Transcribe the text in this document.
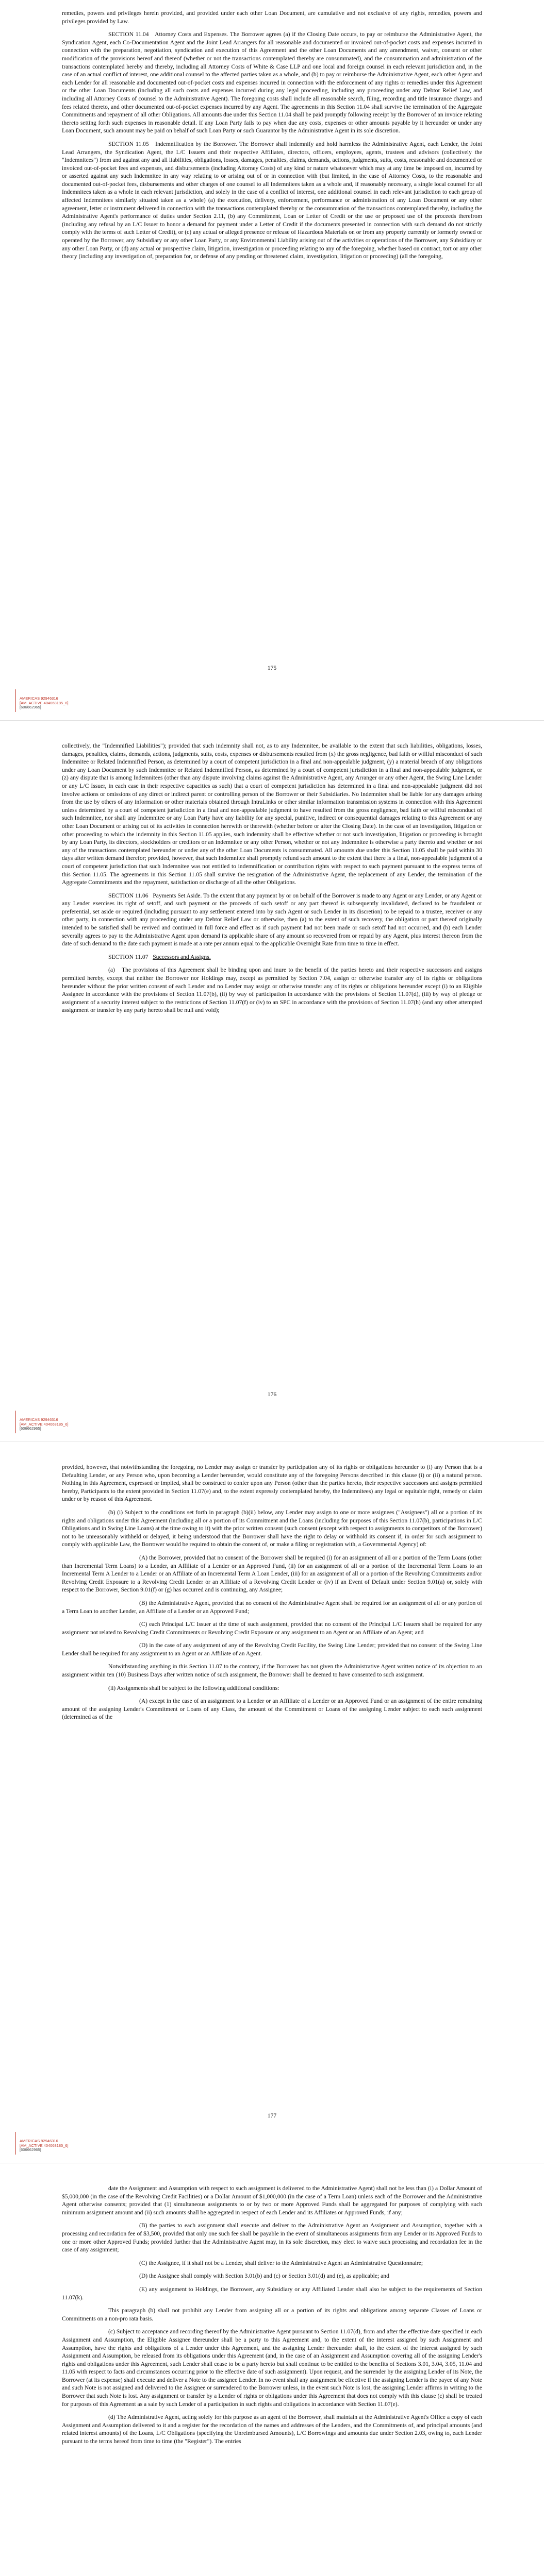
remedies, powers and privileges herein provided, and provided under each other Loan Document, are cumulative and not exclusive of any rights, remedies, powers and privileges provided by Law.

SECTION 11.04 Attorney Costs and Expenses. The Borrower agrees (a) if the Closing Date occurs, to pay or reimburse the Administrative Agent, the Syndication Agent, each Co-Documentation Agent and the Joint Lead Arrangers for all reasonable and documented or invoiced out-of-pocket costs and expenses incurred in connection with the preparation, negotiation, syndication and execution of this Agreement and the other Loan Documents and any amendment, waiver, consent or other modification of the provisions hereof and thereof (whether or not the transactions contemplated thereby are consummated), and the consummation and administration of the transactions contemplated hereby and thereby, including all Attorney Costs of White & Case LLP and one local and foreign counsel in each relevant jurisdiction and, in the case of an actual conflict of interest, one additional counsel to the affected parties taken as a whole, and (b) to pay or reimburse the Administrative Agent, each other Agent and each Lender for all reasonable and documented out-of-pocket costs and expenses incurred in connection with the enforcement of any rights or remedies under this Agreement or the other Loan Documents (including all such costs and expenses incurred during any legal proceeding, including any proceeding under any Debtor Relief Law, and including all Attorney Costs of counsel to the Administrative Agent). The foregoing costs shall include all reasonable search, filing, recording and title insurance charges and fees related thereto, and other documented out-of-pocket expenses incurred by any Agent. The agreements in this Section 11.04 shall survive the termination of the Aggregate Commitments and repayment of all other Obligations. All amounts due under this Section 11.04 shall be paid promptly following receipt by the Borrower of an invoice relating thereto setting forth such expenses in reasonable detail. If any Loan Party fails to pay when due any costs, expenses or other amounts payable by it hereunder or under any Loan Document, such amount may be paid on behalf of such Loan Party or such Guarantor by the Administrative Agent in its sole discretion.

SECTION 11.05 Indemnification by the Borrower. The Borrower shall indemnify and hold harmless the Administrative Agent, each Lender, the Joint Lead Arrangers, the Syndication Agent, the L/C Issuers and their respective Affiliates, directors, officers, employees, agents, trustees and advisors (collectively the "Indemnitees") from and against any and all liabilities, obligations, losses, damages, penalties, claims, demands, actions, judgments, suits, costs, reasonable and documented or invoiced out-of-pocket fees and expenses, and disbursements (including Attorney Costs) of any kind or nature whatsoever which may at any time be imposed on, incurred by or asserted against any such Indemnitee in any way relating to or arising out of or in connection with (but limited, in the case of Attorney Costs, to the reasonable and documented out-of-pocket fees, disbursements and other charges of one counsel to all Indemnitees taken as a whole and, if reasonably necessary, a single local counsel for all Indemnitees taken as a whole in each relevant jurisdiction, and solely in the case of a conflict of interest, one additional counsel in each relevant jurisdiction to each group of affected Indemnitees similarly situated taken as a whole) (a) the execution, delivery, enforcement, performance or administration of any Loan Document or any other agreement, letter or instrument delivered in connection with the transactions contemplated thereby or the consummation of the transactions contemplated thereby, including the Administrative Agent's performance of duties under Section 2.11, (b) any Commitment, Loan or Letter of Credit or the use or proposed use of the proceeds therefrom (including any refusal by an L/C Issuer to honor a demand for payment under a Letter of Credit if the documents presented in connection with such demand do not strictly comply with the terms of such Letter of Credit), or (c) any actual or alleged presence or release of Hazardous Materials on or from any property currently or formerly owned or operated by the Borrower, any Subsidiary or any other Loan Party, or any Environmental Liability arising out of the activities or operations of the Borrower, any Subsidiary or any other Loan Party, or (d) any actual or prospective claim, litigation, investigation or proceeding relating to any of the foregoing, whether based on contract, tort or any other theory (including any investigation of, preparation for, or defense of any pending or threatened claim, investigation, litigation or proceeding) (all the foregoing,

175
AMERICAS 92946316
[AM_ACTIVE 404068185_6]
[606662965]

collectively, the "Indemnified Liabilities"); provided that such indemnity shall not, as to any Indemnitee, be available to the extent that such liabilities, obligations, losses, damages, penalties, claims, demands, actions, judgments, suits, costs, expenses or disbursements resulted from (x) the gross negligence, bad faith or willful misconduct of such Indemnitee or Related Indemnified Person, as determined by a court of competent jurisdiction in a final and non-appealable judgment, (y) a material breach of any obligations under any Loan Document by such Indemnitee or Related Indemnified Person, as determined by a court of competent jurisdiction in a final and non-appealable judgment, or (z) any dispute that is among Indemnitees (other than any dispute involving claims against the Administrative Agent, any Arranger or any other Agent, the Swing Line Lender or any L/C Issuer, in each case in their respective capacities as such) that a court of competent jurisdiction has determined in a final and non-appealable judgment did not involve actions or omissions of any direct or indirect parent or controlling person of the Borrower or their Subsidiaries. No Indemnitee shall be liable for any damages arising from the use by others of any information or other materials obtained through IntraLinks or other similar information transmission systems in connection with this Agreement unless determined by a court of competent jurisdiction in a final and non-appealable judgment to have resulted from the gross negligence, bad faith or willful misconduct of such Indemnitee, nor shall any Indemnitee or any Loan Party have any liability for any special, punitive, indirect or consequential damages relating to this Agreement or any other Loan Document or arising out of its activities in connection herewith or therewith (whether before or after the Closing Date). In the case of an investigation, litigation or other proceeding to which the indemnity in this Section 11.05 applies, such indemnity shall be effective whether or not such investigation, litigation or proceeding is brought by any Loan Party, its directors, stockholders or creditors or an Indemnitee or any other Person, whether or not any Indemnitee is otherwise a party thereto and whether or not any of the transactions contemplated hereunder or under any of the other Loan Documents is consummated. All amounts due under this Section 11.05 shall be paid within 30 days after written demand therefor; provided, however, that such Indemnitee shall promptly refund such amount to the extent that there is a final, non-appealable judgment of a court of competent jurisdiction that such Indemnitee was not entitled to indemnification or contribution rights with respect to such payment pursuant to the express terms of this Section 11.05. The agreements in this Section 11.05 shall survive the resignation of the Administrative Agent, the replacement of any Lender, the termination of the Aggregate Commitments and the repayment, satisfaction or discharge of all the other Obligations.

SECTION 11.06 Payments Set Aside. To the extent that any payment by or on behalf of the Borrower is made to any Agent or any Lender, or any Agent or any Lender exercises its right of setoff, and such payment or the proceeds of such setoff or any part thereof is subsequently invalidated, declared to be fraudulent or preferential, set aside or required (including pursuant to any settlement entered into by such Agent or such Lender in its discretion) to be repaid to a trustee, receiver or any other party, in connection with any proceeding under any Debtor Relief Law or otherwise, then (a) to the extent of such recovery, the obligation or part thereof originally intended to be satisfied shall be revived and continued in full force and effect as if such payment had not been made or such setoff had not occurred, and (b) each Lender severally agrees to pay to the Administrative Agent upon demand its applicable share of any amount so recovered from or repaid by any Agent, plus interest thereon from the date of such demand to the date such payment is made at a rate per annum equal to the applicable Overnight Rate from time to time in effect.

SECTION 11.07 Successors and Assigns.

(a) The provisions of this Agreement shall be binding upon and inure to the benefit of the parties hereto and their respective successors and assigns permitted hereby, except that neither the Borrower nor Holdings may, except as permitted by Section 7.04, assign or otherwise transfer any of its rights or obligations hereunder without the prior written consent of each Lender and no Lender may assign or otherwise transfer any of its rights or obligations hereunder except (i) to an Eligible Assignee in accordance with the provisions of Section 11.07(b), (ii) by way of participation in accordance with the provisions of Section 11.07(d), (iii) by way of pledge or assignment of a security interest subject to the restrictions of Section 11.07(f) or (iv) to an SPC in accordance with the provisions of Section 11.07(h) (and any other attempted assignment or transfer by any party hereto shall be null and void);

176
AMERICAS 92946316
[AM_ACTIVE 404068185_6]
[606662965]

provided, however, that notwithstanding the foregoing, no Lender may assign or transfer by participation any of its rights or obligations hereunder to (i) any Person that is a Defaulting Lender, or any Person who, upon becoming a Lender hereunder, would constitute any of the foregoing Persons described in this clause (i) or (ii) a natural person. Nothing in this Agreement, expressed or implied, shall be construed to confer upon any Person (other than the parties hereto, their respective successors and assigns permitted hereby, Participants to the extent provided in Section 11.07(e) and, to the extent expressly contemplated hereby, the Indemnitees) any legal or equitable right, remedy or claim under or by reason of this Agreement.

(b) (i) Subject to the conditions set forth in paragraph (b)(ii) below, any Lender may assign to one or more assignees ("Assignees") all or a portion of its rights and obligations under this Agreement (including all or a portion of its Commitment and the Loans (including for purposes of this Section 11.07(b), participations in L/C Obligations and in Swing Line Loans) at the time owing to it) with the prior written consent (such consent (except with respect to assignments to competitors of the Borrower) not to be unreasonably withheld or delayed, it being understood that the Borrower shall have the right to delay or withhold its consent if, in order for such assignment to comply with applicable Law, the Borrower would be required to obtain the consent of, or make a filing or registration with, a Governmental Agency) of:

(A) the Borrower, provided that no consent of the Borrower shall be required (i) for an assignment of all or a portion of the Term Loans (other than Incremental Term Loans) to a Lender, an Affiliate of a Lender or an Approved Fund, (ii) for an assignment of all or a portion of the Incremental Term Loans to an Incremental Term A Lender to a Lender or an Affiliate of an Incremental Term A Loan Lender, (iii) for an assignment of all or a portion of the Revolving Commitments and/or Revolving Credit Exposure to a Revolving Credit Lender or an Affiliate of a Revolving Credit Lender or (iv) if an Event of Default under Section 9.01(a) or, solely with respect to the Borrower, Section 9.01(f) or (g) has occurred and is continuing, any Assignee;

(B) the Administrative Agent, provided that no consent of the Administrative Agent shall be required for an assignment of all or any portion of a Term Loan to another Lender, an Affiliate of a Lender or an Approved Fund;

(C) each Principal L/C Issuer at the time of such assignment, provided that no consent of the Principal L/C Issuers shall be required for any assignment not related to Revolving Credit Commitments or Revolving Credit Exposure or any assignment to an Agent or an Affiliate of an Agent; and

(D) in the case of any assignment of any of the Revolving Credit Facility, the Swing Line Lender; provided that no consent of the Swing Line Lender shall be required for any assignment to an Agent or an Affiliate of an Agent.

Notwithstanding anything in this Section 11.07 to the contrary, if the Borrower has not given the Administrative Agent written notice of its objection to an assignment within ten (10) Business Days after written notice of such assignment, the Borrower shall be deemed to have consented to such assignment.

(ii) Assignments shall be subject to the following additional conditions:

(A) except in the case of an assignment to a Lender or an Affiliate of a Lender or an Approved Fund or an assignment of the entire remaining amount of the assigning Lender's Commitment or Loans of any Class, the amount of the Commitment or Loans of the assigning Lender subject to each such assignment (determined as of the

177
AMERICAS 92946316
[AM_ACTIVE 404068185_6]
[606662965]

date the Assignment and Assumption with respect to such assignment is delivered to the Administrative Agent) shall not be less than (i) a Dollar Amount of $5,000,000 (in the case of the Revolving Credit Facilities) or a Dollar Amount of $1,000,000 (in the case of a Term Loan) unless each of the Borrower and the Administrative Agent otherwise consents; provided that (1) simultaneous assignments to or by two or more Approved Funds shall be aggregated for purposes of complying with such minimum assignment amount and (ii) such amounts shall be aggregated in respect of each Lender and its Affiliates or Approved Funds, if any;

(B) the parties to each assignment shall execute and deliver to the Administrative Agent an Assignment and Assumption, together with a processing and recordation fee of $3,500, provided that only one such fee shall be payable in the event of simultaneous assignments from any Lender or its Approved Funds to one or more other Approved Funds; provided further that the Administrative Agent may, in its sole discretion, may elect to waive such processing and recordation fee in the case of any assignment;

(C) the Assignee, if it shall not be a Lender, shall deliver to the Administrative Agent an Administrative Questionnaire;

(D) the Assignee shall comply with Section 3.01(b) and (c) or Section 3.01(d) and (e), as applicable; and

(E) any assignment to Holdings, the Borrower, any Subsidiary or any Affiliated Lender shall also be subject to the requirements of Section 11.07(k).

This paragraph (b) shall not prohibit any Lender from assigning all or a portion of its rights and obligations among separate Classes of Loans or Commitments on a non-pro rata basis.

(c) Subject to acceptance and recording thereof by the Administrative Agent pursuant to Section 11.07(d), from and after the effective date specified in each Assignment and Assumption, the Eligible Assignee thereunder shall be a party to this Agreement and, to the extent of the interest assigned by such Assignment and Assumption, have the rights and obligations of a Lender under this Agreement, and the assigning Lender thereunder shall, to the extent of the interest assigned by such Assignment and Assumption, be released from its obligations under this Agreement (and, in the case of an Assignment and Assumption covering all of the assigning Lender's rights and obligations under this Agreement, such Lender shall cease to be a party hereto but shall continue to be entitled to the benefits of Sections 3.01, 3.04, 3.05, 11.04 and 11.05 with respect to facts and circumstances occurring prior to the effective date of such assignment). Upon request, and the surrender by the assigning Lender of its Note, the Borrower (at its expense) shall execute and deliver a Note to the assignee Lender. In no event shall any assignment be effective if the assigning Lender is the payee of any Note and such Note is not assigned and delivered to the Assignee or surrendered to the Borrower unless, in the event such Note is lost, the assigning Lender affirms in writing to the Borrower that such Note is lost. Any assignment or transfer by a Lender of rights or obligations under this Agreement that does not comply with this clause (c) shall be treated for purposes of this Agreement as a sale by such Lender of a participation in such rights and obligations in accordance with Section 11.07(e).

(d) The Administrative Agent, acting solely for this purpose as an agent of the Borrower, shall maintain at the Administrative Agent's Office a copy of each Assignment and Assumption delivered to it and a register for the recordation of the names and addresses of the Lenders, and the Commitments of, and principal amounts (and related interest amounts) of the Loans, L/C Obligations (specifying the Unreimbursed Amounts), L/C Borrowings and amounts due under Section 2.03, owing to, each Lender pursuant to the terms hereof from time to time (the "Register"). The entries
